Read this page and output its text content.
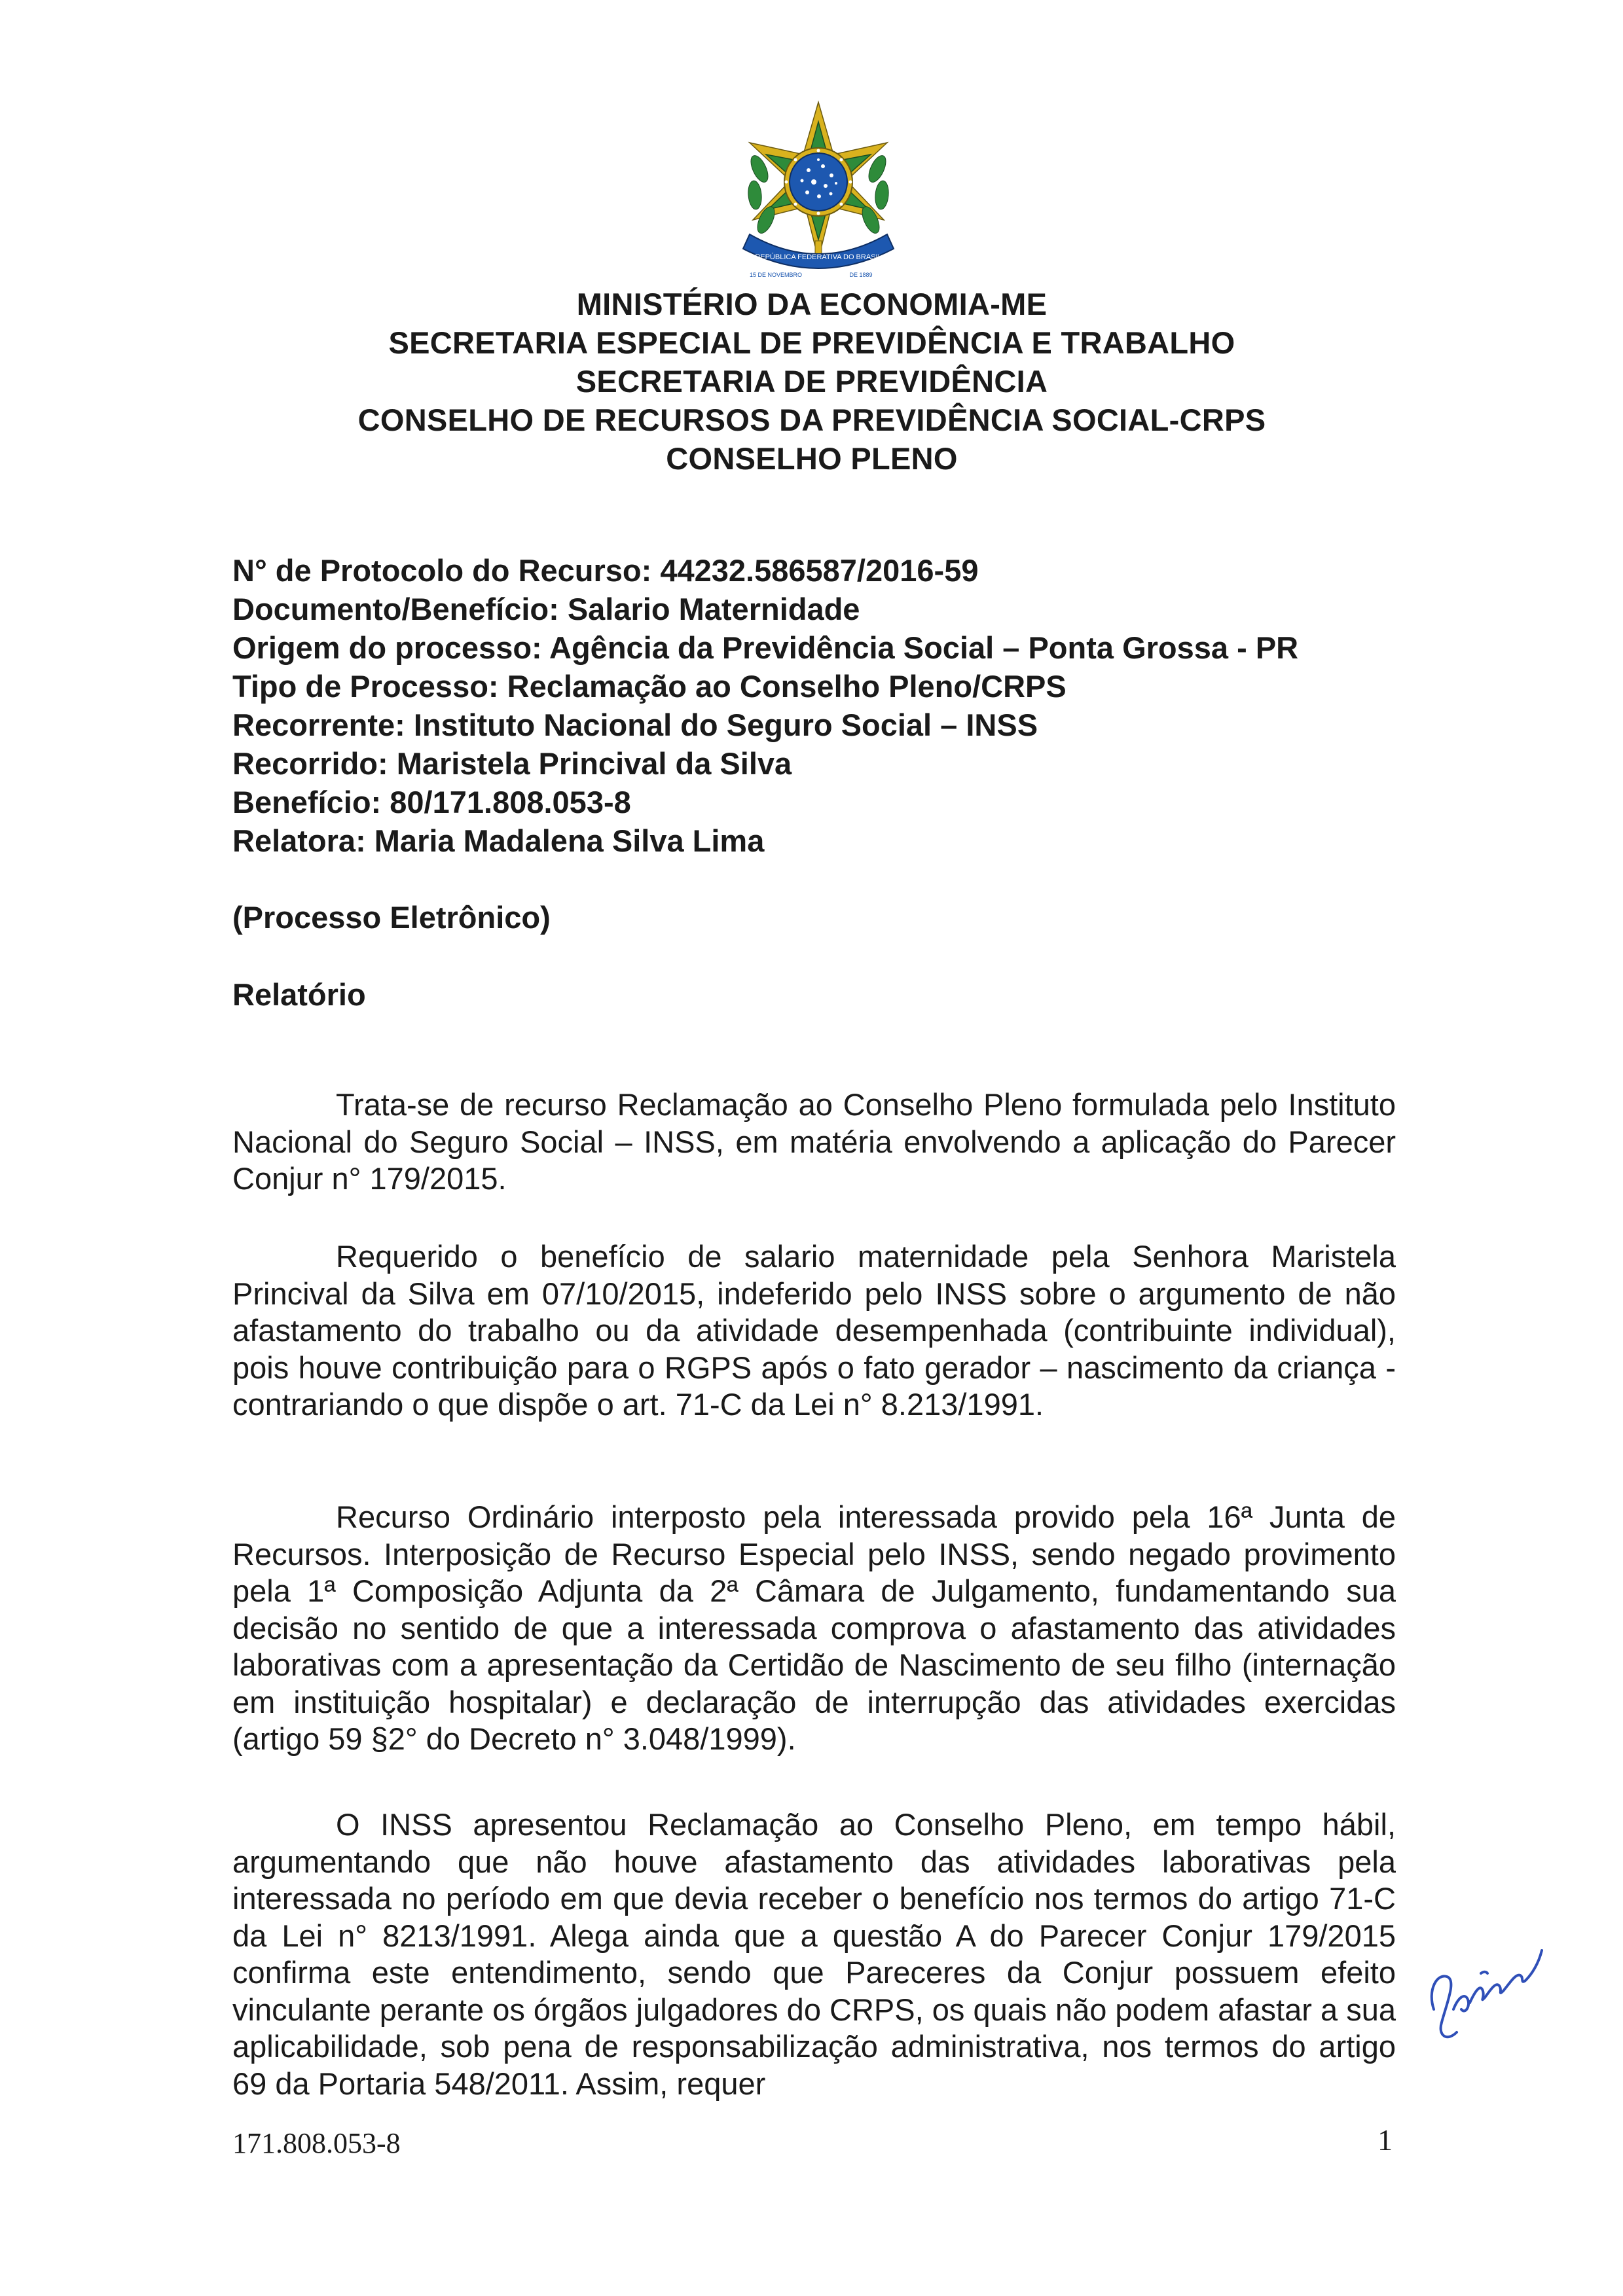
REPÚBLICA FEDERATIVA DO BRASIL
15 DE NOVEMBRO	DE 1889
MINISTÉRIO DA ECONOMIA-ME
SECRETARIA ESPECIAL DE PREVIDÊNCIA E TRABALHO
SECRETARIA DE PREVIDÊNCIA
CONSELHO DE RECURSOS DA PREVIDÊNCIA SOCIAL-CRPS
CONSELHO PLENO
N° de Protocolo do Recurso: 44232.586587/2016-59
Documento/Benefício: Salario Maternidade
Origem do processo: Agência da Previdência Social – Ponta Grossa - PR
Tipo de Processo: Reclamação ao Conselho Pleno/CRPS
Recorrente: Instituto Nacional do Seguro Social – INSS
Recorrido: Maristela Princival da Silva
Benefício: 80/171.808.053-8
Relatora: Maria Madalena Silva Lima
(Processo Eletrônico)
Relatório

Trata-se de recurso Reclamação ao Conselho Pleno formulada pelo Instituto Nacional do Seguro Social – INSS, em matéria envolvendo a aplicação do Parecer Conjur n° 179/2015.

Requerido o benefício de salario maternidade pela Senhora Maristela Princival da Silva em 07/10/2015, indeferido pelo INSS sobre o argumento de não afastamento do trabalho ou da atividade desempenhada (contribuinte individual), pois houve contribuição para o RGPS após o fato gerador – nascimento da criança - contrariando o que dispõe o art. 71-C da Lei n° 8.213/1991.

Recurso Ordinário interposto pela interessada provido pela 16ª Junta de Recursos. Interposição de Recurso Especial pelo INSS, sendo negado provimento pela 1ª Composição Adjunta da 2ª Câmara de Julgamento, fundamentando sua decisão no sentido de que a interessada comprova o afastamento das atividades laborativas com a apresentação da Certidão de Nascimento de seu filho (internação em instituição hospitalar) e declaração de interrupção das atividades exercidas (artigo 59 §2° do Decreto n° 3.048/1999).

O INSS apresentou Reclamação ao Conselho Pleno, em tempo hábil, argumentando que não houve afastamento das atividades laborativas pela interessada no período em que devia receber o benefício nos termos do artigo 71-C da Lei n° 8213/1991. Alega ainda que a questão A do Parecer Conjur 179/2015 confirma este entendimento, sendo que Pareceres da Conjur possuem efeito vinculante perante os órgãos julgadores do CRPS, os quais não podem afastar a sua aplicabilidade, sob pena de responsabilização administrativa, nos termos do artigo 69 da Portaria 548/2011. Assim, requer

171.808.053-8	1
